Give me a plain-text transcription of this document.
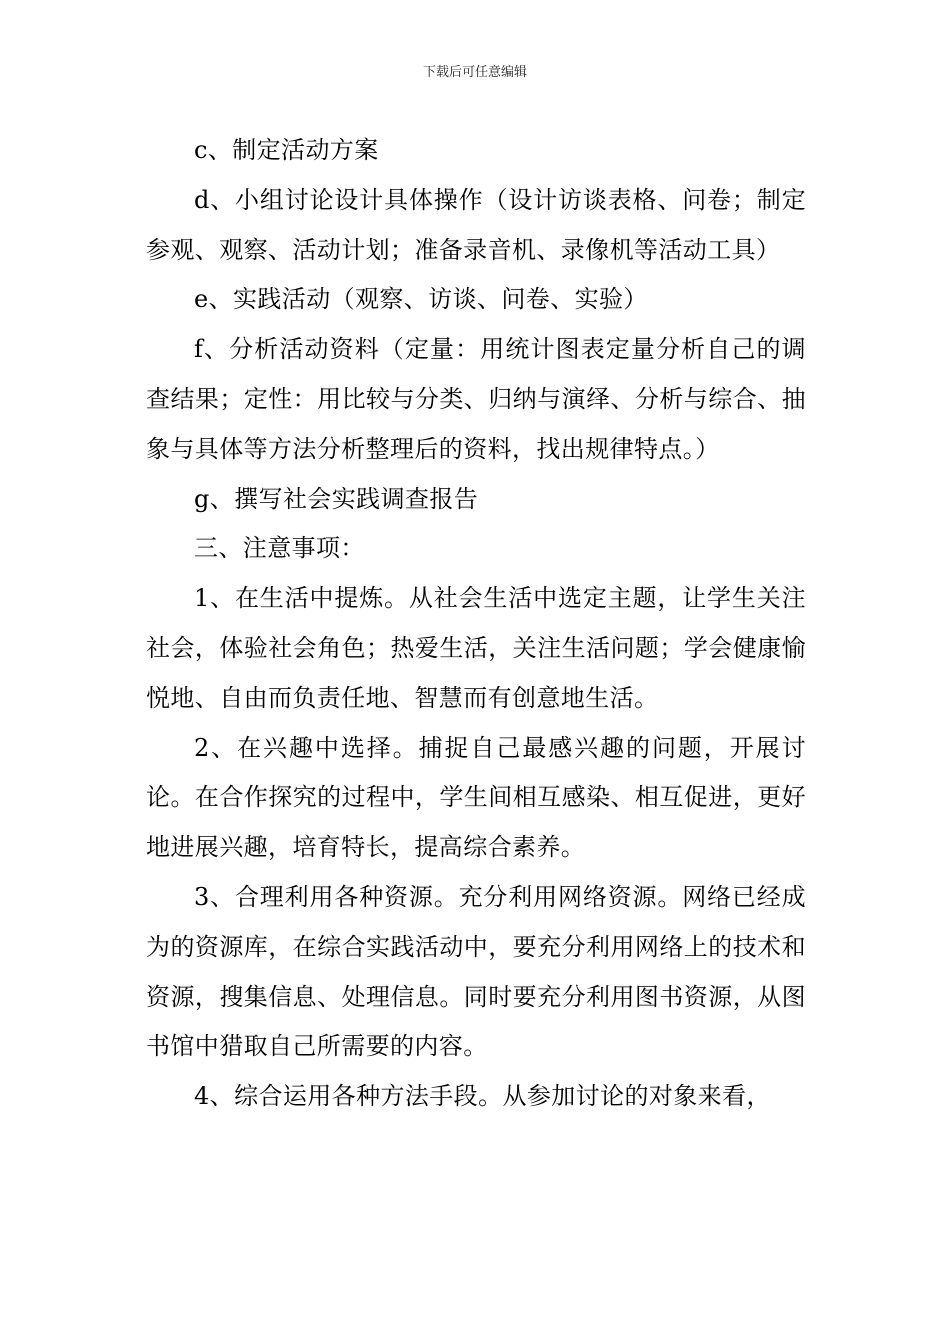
下载后可任意编辑

c、制定活动方案

d、小组讨论设计具体操作（设计访谈表格、问卷；制定参观、观察、活动计划；准备录音机、录像机等活动工具）

e、实践活动（观察、访谈、问卷、实验）

f、分析活动资料（定量：用统计图表定量分析自己的调查结果；定性：用比较与分类、归纳与演绎、分析与综合、抽象与具体等方法分析整理后的资料，找出规律特点。）

g、撰写社会实践调查报告

三、注意事项：

1、在生活中提炼。从社会生活中选定主题，让学生关注社会，体验社会角色；热爱生活，关注生活问题；学会健康愉悦地、自由而负责任地、智慧而有创意地生活。

2、在兴趣中选择。捕捉自己最感兴趣的问题，开展讨论。在合作探究的过程中，学生间相互感染、相互促进，更好地进展兴趣，培育特长，提高综合素养。

3、合理利用各种资源。充分利用网络资源。网络已经成为的资源库，在综合实践活动中，要充分利用网络上的技术和资源，搜集信息、处理信息。同时要充分利用图书资源，从图书馆中猎取自己所需要的内容。

4、综合运用各种方法手段。从参加讨论的对象来看，
